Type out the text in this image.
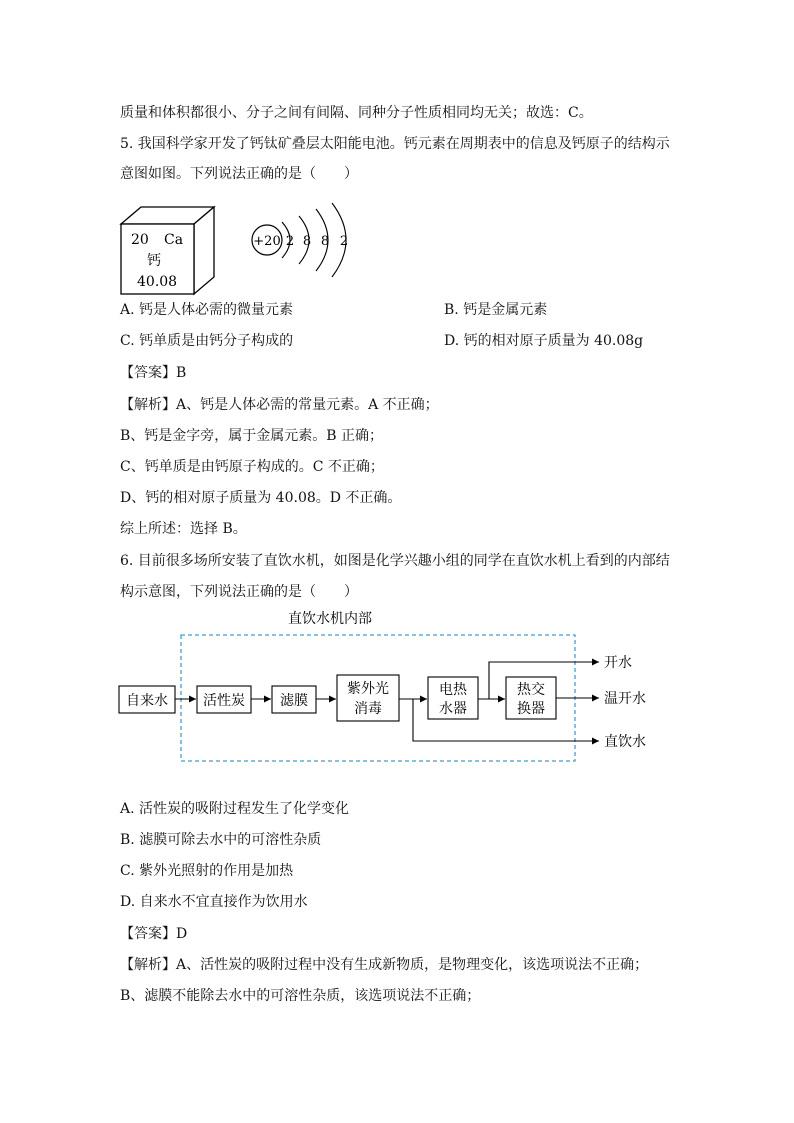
质量和体积都很小、分子之间有间隔、同种分子性质相同均无关；故选：C。
5. 我国科学家开发了钙钛矿叠层太阳能电池。钙元素在周期表中的信息及钙原子的结构示
意图如图。下列说法正确的是（　　）
20 Ca
钙
40.08
+20 2 8 8 2
A. 钙是人体必需的微量元素	B. 钙是金属元素
C. 钙单质是由钙分子构成的	D. 钙的相对原子质量为 40.08g
【答案】B
【解析】A、钙是人体必需的常量元素。A 不正确；
B、钙是金字旁，属于金属元素。B 正确；
C、钙单质是由钙原子构成的。C 不正确；
D、钙的相对原子质量为 40.08。D 不正确。
综上所述：选择 B。
6. 目前很多场所安装了直饮水机，如图是化学兴趣小组的同学在直饮水机上看到的内部结
构示意图，下列说法正确的是（　　）
直饮水机内部
自来水	活性炭	滤膜
紫外光
消毒
电热
水器
热交
换器
开水
温开水
直饮水
A. 活性炭的吸附过程发生了化学变化
B. 滤膜可除去水中的可溶性杂质
C. 紫外光照射的作用是加热
D. 自来水不宜直接作为饮用水
【答案】D
【解析】A、活性炭的吸附过程中没有生成新物质，是物理变化，该选项说法不正确；
B、滤膜不能除去水中的可溶性杂质，该选项说法不正确；
